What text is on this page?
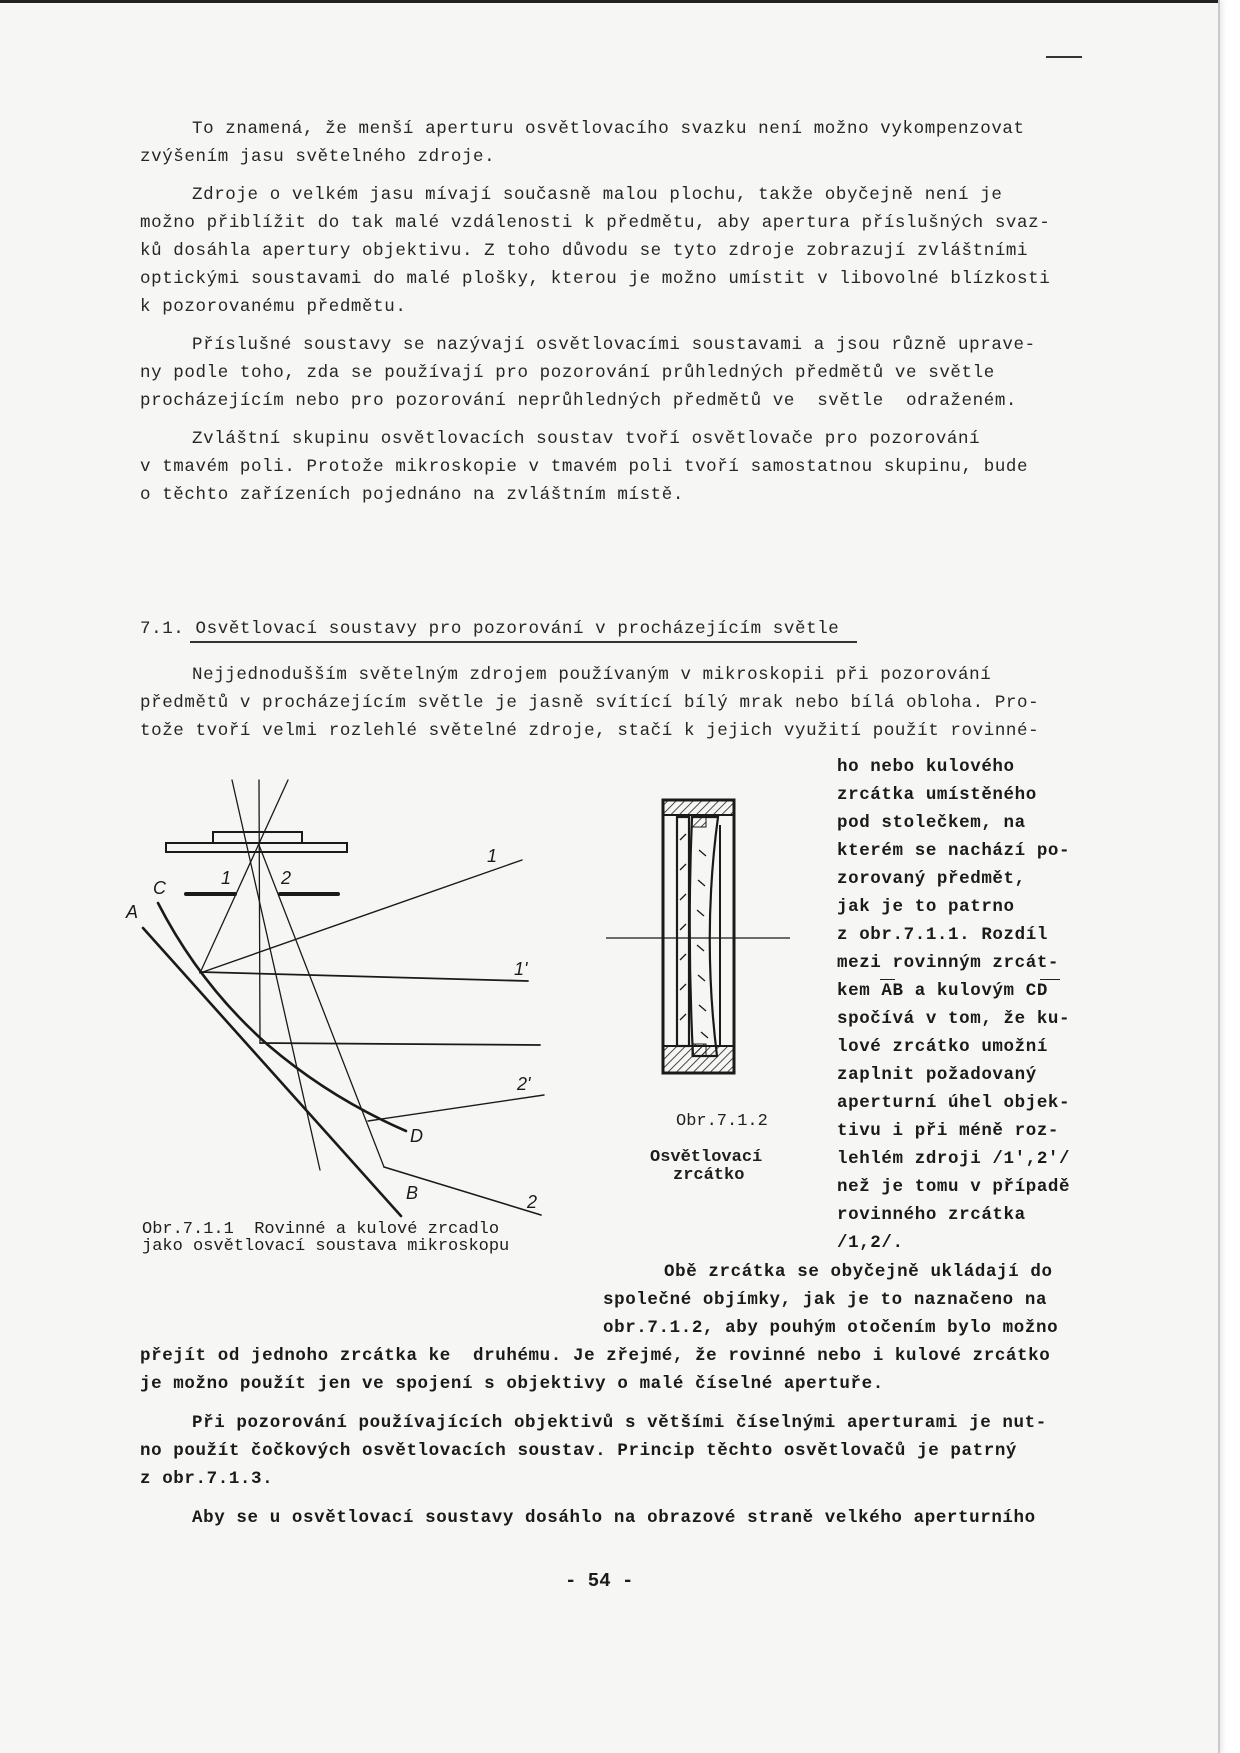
To znamená, že menší aperturu osvětlovacího svazku není možno vykompenzovat
zvýšením jasu světelného zdroje.
Zdroje o velkém jasu mívají současně malou plochu, takže obyčejně není je
možno přiblížit do tak malé vzdálenosti k předmětu, aby apertura příslušných svaz-
ků dosáhla apertury objektivu. Z toho důvodu se tyto zdroje zobrazují zvláštními
optickými soustavami do malé plošky, kterou je možno umístit v libovolné blízkosti
k pozorovanému předmětu.
Příslušné soustavy se nazývají osvětlovacími soustavami a jsou různě uprave-
ny podle toho, zda se používají pro pozorování průhledných předmětů ve světle
procházejícím nebo pro pozorování neprůhledných předmětů ve  světle  odraženém.
Zvláštní skupinu osvětlovacích soustav tvoří osvětlovače pro pozorování
v tmavém poli. Protože mikroskopie v tmavém poli tvoří samostatnou skupinu, bude
o těchto zařízeních pojednáno na zvláštním místě.
7.1. Osvětlovací soustavy pro pozorování v procházejícím světle
Nejjednodušším světelným zdrojem používaným v mikroskopii při pozorování
předmětů v procházejícím světle je jasně svítící bílý mrak nebo bílá obloha. Pro-
tože tvoří velmi rozlehlé světelné zdroje, stačí k jejich využití použít rovinné-
ho nebo kulového
zrcátka umístěného
pod stolečkem, na
kterém se nachází po-
zorovaný předmět,
jak je to patrno
z obr.7.1.1. Rozdíl
mezi rovinným zrcát-
kem AB a kulovým CD
spočívá v tom, že ku-
lové zrcátko umožní
zaplnit požadovaný
aperturní úhel objek-
tivu i při méně roz-
lehlém zdroji /1',2'/
než je tomu v případě
rovinného zrcátka
/1,2/.
Obě zrcátka se obyčejně ukládají do
společné objímky, jak je to naznačeno na
obr.7.1.2, aby pouhým otočením bylo možno
přejít od jednoho zrcátka ke  druhému. Je zřejmé, že rovinné nebo i kulové zrcátko
je možno použít jen ve spojení s objektivy o malé číselné apertuře.
Při pozorování používajících objektivů s většími číselnými aperturami je nut-
no použít čočkových osvětlovacích soustav. Princip těchto osvětlovačů je patrný
z obr.7.1.3.
Aby se u osvětlovací soustavy dosáhlo na obrazové straně velkého aperturního
- 54 -
Obr.7.1.1  Rovinné a kulové zrcadlo
jako osvětlovací soustava mikroskopu
Obr.7.1.2
Osvětlovací
zrcátko
C
A
1	2
1
1'
2'
D
B	2
